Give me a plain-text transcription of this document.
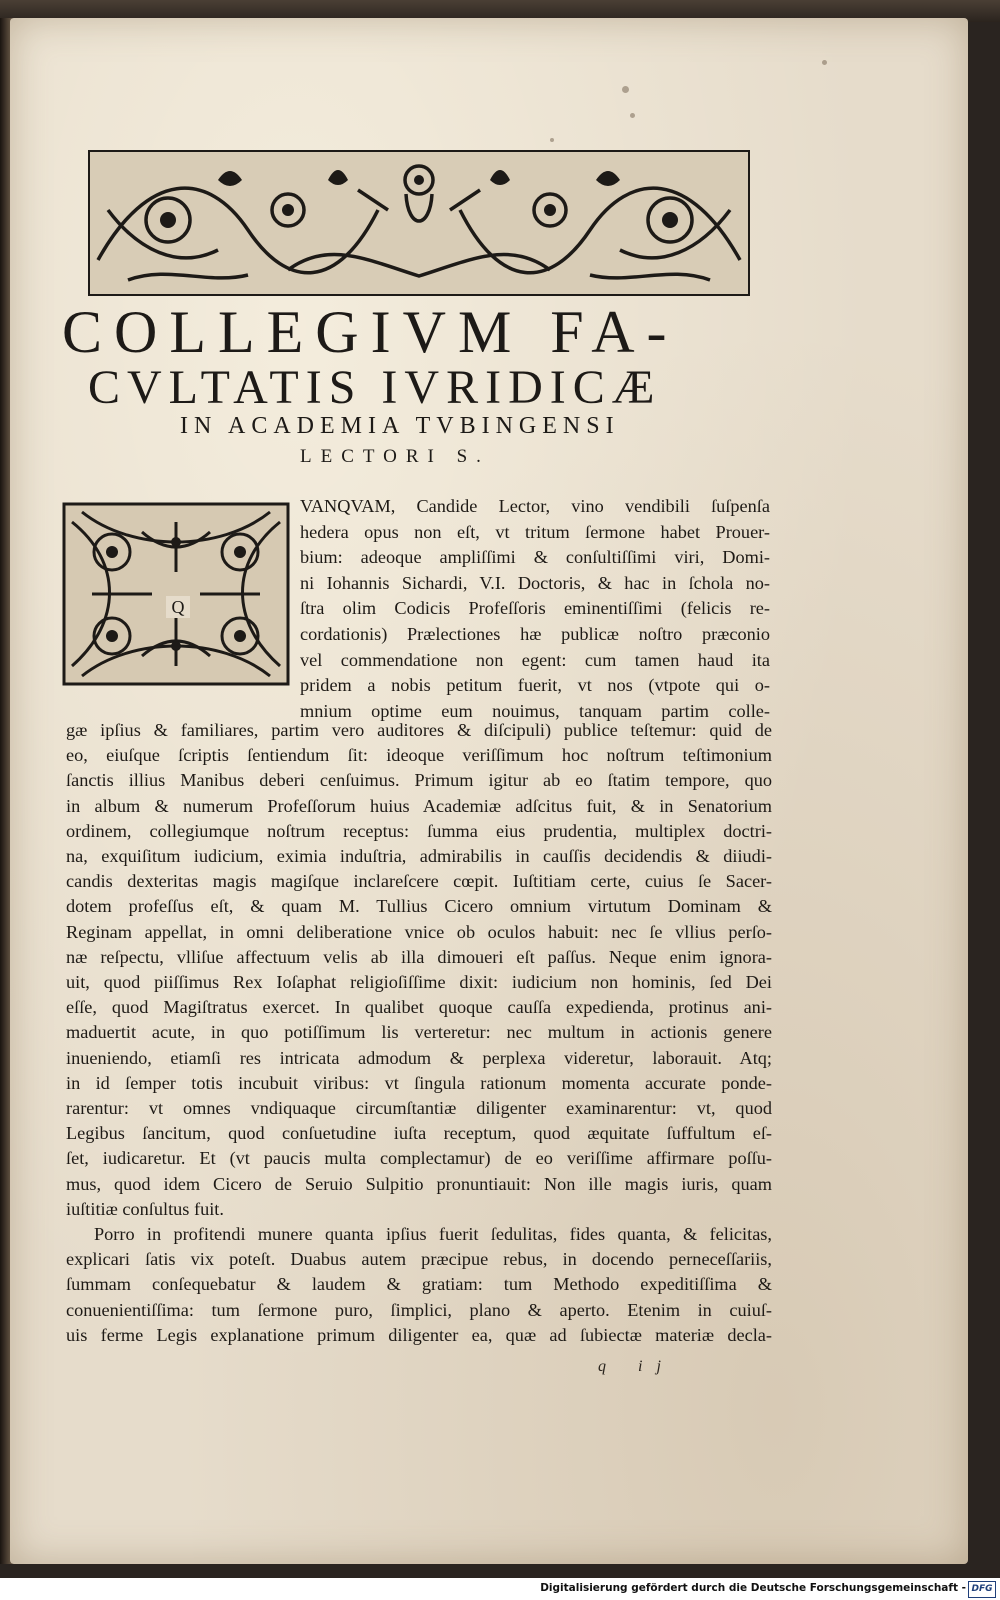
COLLEGIVM FA-
CVLTATIS IVRIDICÆ
IN ACADEMIA TVBINGENSI
LECTORI S.
Q
VANQVAM, Candide Lector, vino vendibili ſuſpenſa
hedera opus non eſt, vt tritum ſermone habet Prouer-
bium: adeoque ampliſſimi & conſultiſſimi viri, Domi-
ni Iohannis Sichardi, V.I. Doctoris, & hac in ſchola no-
ſtra olim Codicis Profeſſoris eminentiſſimi (felicis re-
cordationis) Prælectiones hæ publicæ noſtro præconio
vel commendatione non egent: cum tamen haud ita
pridem a nobis petitum fuerit, vt nos (vtpote qui o-
mnium optime eum nouimus, tanquam partim colle-
gæ ipſius & familiares, partim vero auditores & diſcipuli) publice teſtemur: quid de
eo, eiuſque ſcriptis ſentiendum ſit: ideoque veriſſimum hoc noſtrum teſtimonium
ſanctis illius Manibus deberi cenſuimus. Primum igitur ab eo ſtatim tempore, quo
in album & numerum Profeſſorum huius Academiæ adſcitus fuit, & in Senatorium
ordinem, collegiumque noſtrum receptus: ſumma eius prudentia, multiplex doctri-
na, exquiſitum iudicium, eximia induſtria, admirabilis in cauſſis decidendis & diiudi-
candis dexteritas magis magiſque inclareſcere cœpit. Iuſtitiam certe, cuius ſe Sacer-
dotem profeſſus eſt, & quam M. Tullius Cicero omnium virtutum Dominam &
Reginam appellat, in omni deliberatione vnice ob oculos habuit: nec ſe vllius perſo-
næ reſpectu, vlliſue affectuum velis ab illa dimoueri eſt paſſus. Neque enim ignora-
uit, quod piiſſimus Rex Ioſaphat religioſiſſime dixit: iudicium non hominis, ſed Dei
eſſe, quod Magiſtratus exercet. In qualibet quoque cauſſa expedienda, protinus ani-
maduertit acute, in quo potiſſimum lis verteretur: nec multum in actionis genere
inueniendo, etiamſi res intricata admodum & perplexa videretur, laborauit. Atq;
in id ſemper totis incubuit viribus: vt ſingula rationum momenta accurate ponde-
rarentur: vt omnes vndiquaque circumſtantiæ diligenter examinarentur: vt, quod
Legibus ſancitum, quod conſuetudine iuſta receptum, quod æquitate ſuffultum eſ-
ſet, iudicaretur. Et (vt paucis multa complectamur) de eo veriſſime affirmare poſſu-
mus, quod idem Cicero de Seruio Sulpitio pronuntiauit: Non ille magis iuris, quam
iuſtitiæ conſultus fuit.
Porro in profitendi munere quanta ipſius fuerit ſedulitas, fides quanta, & felicitas,
explicari ſatis vix poteſt. Duabus autem præcipue rebus, in docendo perneceſſariis,
ſummam conſequebatur & laudem & gratiam: tum Methodo expeditiſſima &
conuenientiſſima: tum ſermone puro, ſimplici, plano & aperto. Etenim in cuiuſ-
uis ferme Legis explanatione primum diligenter ea, quæ ad ſubiectæ materiæ decla-
q ij
Digitalisierung gefördert durch die Deutsche Forschungsgemeinschaft - DFG
